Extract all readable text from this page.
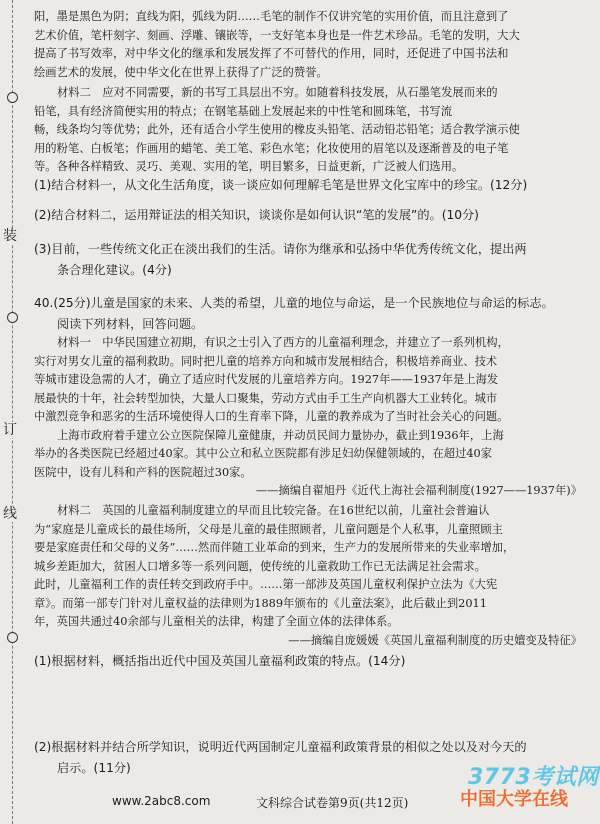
装
订
线
阳，墨是黑色为阴；直线为阳，弧线为阴……毛笔的制作不仅讲究笔的实用价值，而且注意到了
艺术价值，笔杆刻字、刻画、浮雕、镶嵌等，一支好笔本身也是一件艺术珍品。毛笔的发明，大大
提高了书写效率，对中华文化的继承和发展发挥了不可替代的作用，同时，还促进了中国书法和
绘画艺术的发展，使中华文化在世界上获得了广泛的赞誉。
材料二　应对不同需要，新的书写工具层出不穷。如随着科技发展，从石墨笔发展而来的
铅笔，具有经济简便实用的特点；在钢笔基础上发展起来的中性笔和圆珠笔，书写流
畅，线条均匀等优势；此外，还有适合小学生使用的橡皮头铅笔、活动铅芯铅笔；适合教学演示使
用的粉笔、白板笔；作画用的蜡笔、美工笔、彩色水笔；化妆使用的眉笔以及逐渐普及的电子笔
等。各种各样精致、灵巧、美观、实用的笔，明目繁多，日益更新，广泛被人们选用。
(1)结合材料一，从文化生活角度，谈一谈应如何理解毛笔是世界文化宝库中的珍宝。(12分)
(2)结合材料二，运用辩证法的相关知识，谈谈你是如何认识“笔的发展”的。(10分)
(3)目前，一些传统文化正在淡出我们的生活。请你为继承和弘扬中华优秀传统文化，提出两
条合理化建议。(4分)
40.(25分)儿童是国家的未来、人类的希望，儿童的地位与命运，是一个民族地位与命运的标志。
阅读下列材料，回答问题。
材料一　中华民国建立初期，有识之士引入了西方的儿童福利理念，并建立了一系列机构，
实行对男女儿童的福利救助。同时把儿童的培养方向和城市发展相结合，积极培养商业、技术
等城市建设急需的人才，确立了适应时代发展的儿童培养方向。1927年——1937年是上海发
展最快的十年，社会转型加快，大量人口聚集，劳动方式由手工生产向机器大工业转化。城市
中激烈竞争和恶劣的生活环境使得人口的生育率下降，儿童的教养成为了当时社会关心的问题。
上海市政府着手建立公立医院保障儿童健康，并动员民间力量协办，截止到1936年，上海
举办的各类医院已经超过40家。其中公立和私立医院都有涉足妇幼保健领域的，在超过40家
医院中，设有儿科和产科的医院超过30家。
——摘编自翟旭丹《近代上海社会福利制度(1927——1937年)》
材料二　英国的儿童福利制度建立的早而且比较完备。在16世纪以前，儿童社会普遍认
为“家庭是儿童成长的最佳场所，父母是儿童的最佳照顾者，儿童问题是个人私事，儿童照顾主
要是家庭责任和父母的义务”……然而伴随工业革命的到来，生产力的发展所带来的失业率增加，
城乡差距加大，贫困人口增多等一系列问题，使传统的儿童救助工作已无法满足社会需求。
此时，儿童福利工作的责任转交到政府手中。……第一部涉及英国儿童权利保护立法为《大宪
章》。而第一部专门针对儿童权益的法律则为1889年颁布的《儿童法案》，此后截止到2011
年，英国共通过40余部与儿童相关的法律，构建了全面立体的法律体系。
——摘编自庞媛媛《英国儿童福利制度的历史嬗变及特征》
(1)根据材料，概括指出近代中国及英国儿童福利政策的特点。(14分)
(2)根据材料并结合所学知识，说明近代两国制定儿童福利政策背景的相似之处以及对今天的
启示。(11分)
www.2abc8.com	文科综合试卷第9页(共12页)
3773考试网
中国大学在线
